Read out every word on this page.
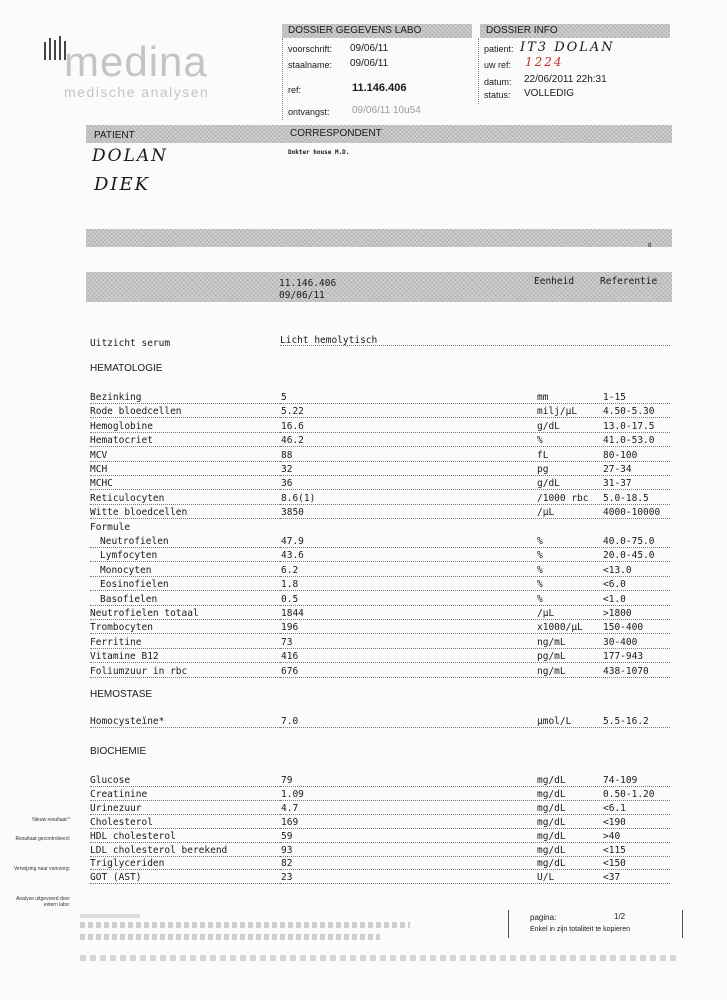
medina
medische analysen
DOSSIER GEGEVENS LABO
voorschrift: 09/06/11
staalname: 09/06/11
ref:	11.146.406
ontvangst: 09/06/11 10u54
DOSSIER INFO
patient: IT3 DOLAN
uw ref: 1224
datum: 22/06/2011 22h:31
status: VOLLEDIG
PATIENT	CORRESPONDENT
Dokter house M.D.
DOLAN
DIEK
8
11.146.406
09/06/11
Eenheid	Referentie
Uitzicht serum	Licht hemolytisch
HEMATOLOGIE
Bezinking	5	mm	1-15
Rode bloedcellen	5.22	milj/µL	4.50-5.30
Hemoglobine	16.6	g/dL	13.0-17.5
Hematocriet	46.2	%	41.0-53.0
MCV	88	fL	80-100
MCH	32	pg	27-34
MCHC	36	g/dL	31-37
Reticulocyten	8.6(1)	/1000 rbc 5.0-18.5
Witte bloedcellen	3850	/µL	4000-10000
Formule
Neutrofielen	47.9	%	40.0-75.0
Lymfocyten	43.6	%	20.0-45.0
Monocyten	6.2	%	<13.0
Eosinofielen	1.8	%	<6.0
Basofielen	0.5	%	<1.0
Neutrofielen totaal	1844	/µL	>1800
Trombocyten	196	x1000/µL 150-400
Ferritine	73	ng/mL	30-400
Vitamine B12	416	pg/mL	177-943
Foliumzuur in rbc	676	ng/mL	438-1070
HEMOSTASE
Homocysteïne*	7.0	µmol/L	5.5-16.2
BIOCHEMIE
Glucose	79	mg/dL	74-109
Creatinine	1.09	mg/dL	0.50-1.20
Urinezuur	4.7	mg/dL	<6.1
Cholesterol	169	mg/dL	<190
HDL cholesterol	59	mg/dL	>40
LDL cholesterol berekend	93	mg/dL	<115
Triglyceriden	82	mg/dL	<150
GOT (AST)	23	U/L	<37
Nieuw resultaat:*
Resultaat gecontroleerd:
Verwijzing naar voorzorg:
Analyse uitgevoerd door extern labo:
pagina:	1/2
Enkel in zijn totaliteit te kopieren
